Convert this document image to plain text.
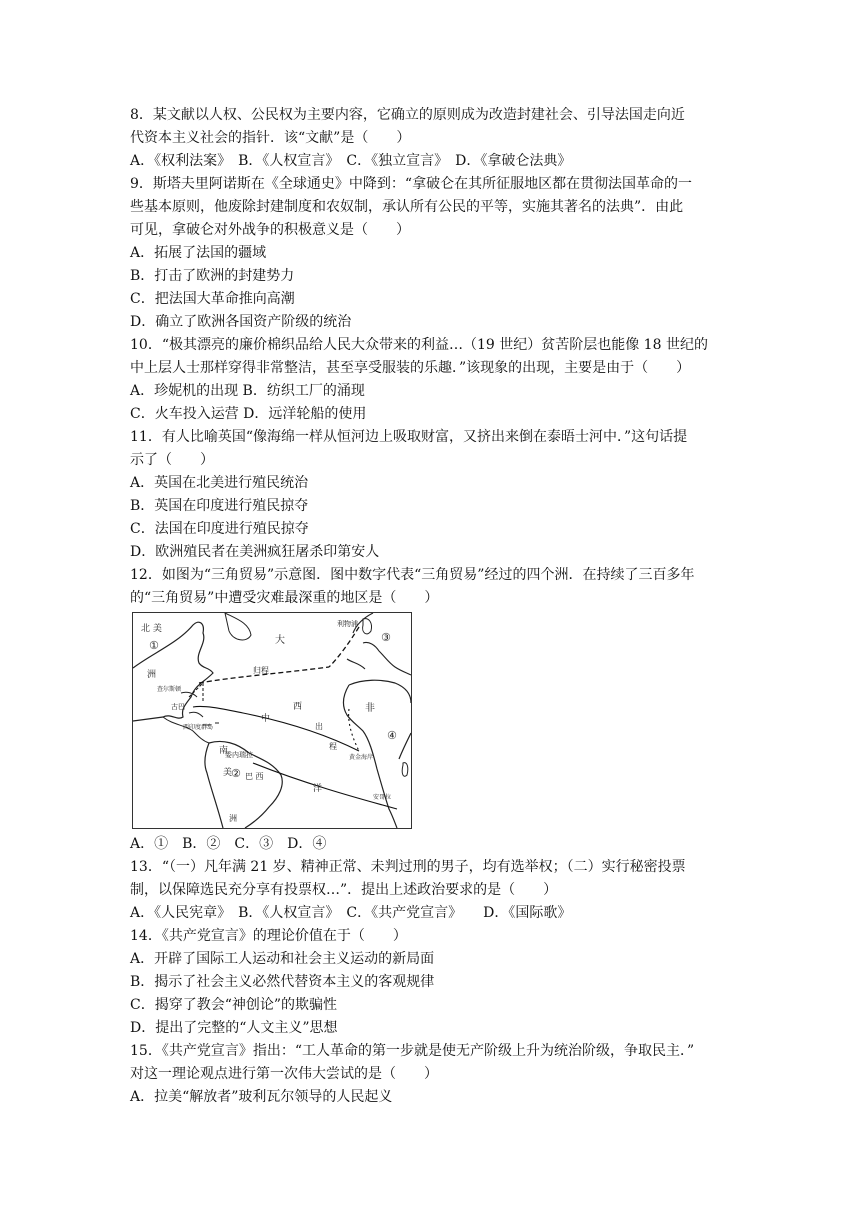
8．某文献以人权、公民权为主要内容，它确立的原则成为改造封建社会、引导法国走向近
代资本主义社会的指针．该“文献”是（　　）
A．《权利法案》　B．《人权宣言》　C．《独立宣言》　D．《拿破仑法典》
9．斯塔夫里阿诺斯在《全球通史》中降到：“拿破仑在其所征服地区都在贯彻法国革命的一
些基本原则，他废除封建制度和农奴制，承认所有公民的平等，实施其著名的法典”．由此
可见，拿破仑对外战争的积极意义是（　　）
A．拓展了法国的疆域
B．打击了欧洲的封建势力
C．把法国大革命推向高潮
D．确立了欧洲各国资产阶级的统治
10．“极其漂亮的廉价棉织品给人民大众带来的利益…（19 世纪）贫苦阶层也能像 18 世纪的
中上层人士那样穿得非常整洁，甚至享受服装的乐趣．”该现象的出现，主要是由于（　　）
A．珍妮机的出现 B．纺织工厂的涌现
C．火车投入运营 D．远洋轮船的使用
11．有人比喻英国“像海绵一样从恒河边上吸取财富，又挤出来倒在泰晤士河中．”这句话提
示了（　　）
A．英国在北美进行殖民统治
B．英国在印度进行殖民掠夺
C．法国在印度进行殖民掠夺
D．欧洲殖民者在美洲疯狂屠杀印第安人
12．如图为“三角贸易”示意图．图中数字代表“三角贸易”经过的四个洲．在持续了三百多年
的“三角贸易”中遭受灾难最深重的地区是（　　）
北 美
①
洲
大
利物浦
③
查尔斯顿
归程
古巴
西印度群岛
中
西
出
程
非
④
黄金海岸
南
委内瑞拉
美
② 巴 西
洋
洲
安哥拉
A．①　B．②　C．③　D．④
13．“（一）凡年满 21 岁、精神正常、未判过刑的男子，均有选举权；（二）实行秘密投票
制，以保障选民充分享有投票权…”．提出上述政治要求的是（　　）
A．《人民宪章》　B．《人权宣言》　C．《共产党宣言》　　D．《国际歌》
14．《共产党宣言》的理论价值在于（　　）
A．开辟了国际工人运动和社会主义运动的新局面
B．揭示了社会主义必然代替资本主义的客观规律
C．揭穿了教会“神创论”的欺骗性
D．提出了完整的“人文主义”思想
15．《共产党宣言》指出：“工人革命的第一步就是使无产阶级上升为统治阶级，争取民主．”
对这一理论观点进行第一次伟大尝试的是（　　）
A．拉美“解放者”玻利瓦尔领导的人民起义
